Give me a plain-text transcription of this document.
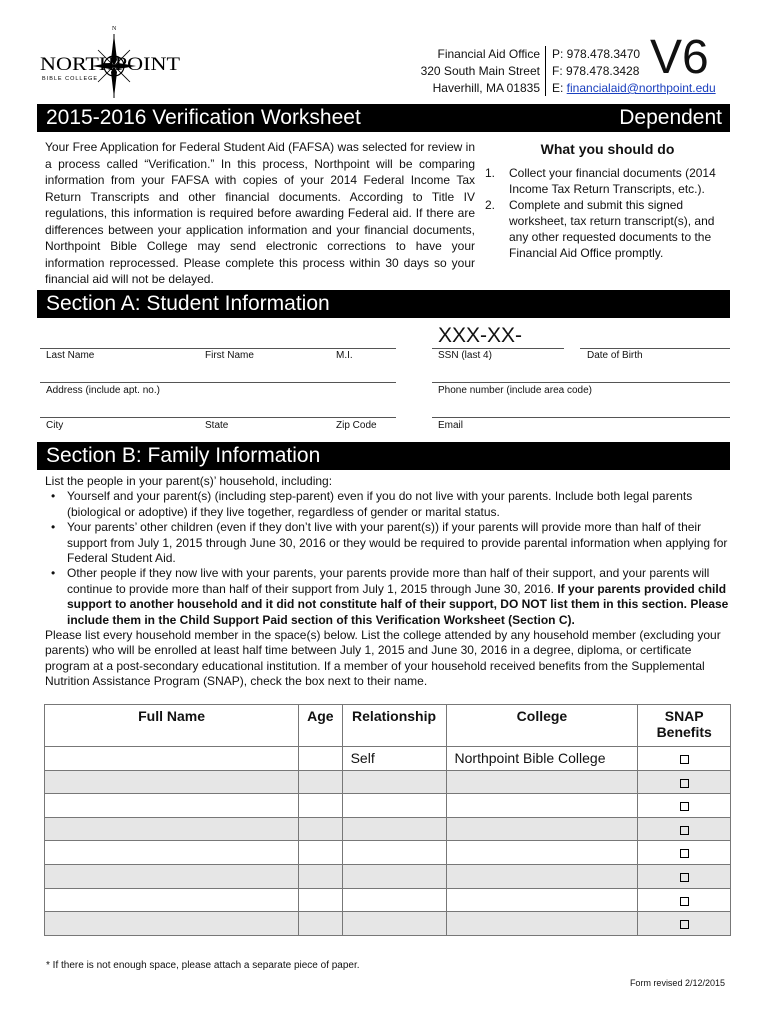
N
NORTHPOINT
BIBLE COLLEGE
Financial Aid Office
320 South Main Street
Haverhill, MA 01835
P: 978.478.3470
F: 978.478.3428
E: financialaid@northpoint.edu
V6
2015-2016 Verification Worksheet	Dependent
Your Free Application for Federal Student Aid (FAFSA) was selected for review in a process called “Verification.” In this process, Northpoint will be comparing information from your FAFSA with copies of your 2014 Federal Income Tax Return Transcripts and other financial documents. According to Title IV regulations, this information is required before awarding Federal aid. If there are differences between your application information and your financial documents, Northpoint Bible College may send electronic corrections to have your information reprocessed. Please complete this process within 30 days so your financial aid will not be delayed.
What you should do
1. Collect your financial documents (2014 Income Tax Return Transcripts, etc.).
2. Complete and submit this signed worksheet, tax return transcript(s), and any other requested documents to the Financial Aid Office promptly.
Section A: Student Information
XXX-XX-
Last Name	First Name	M.I.	SSN (last 4)	Date of Birth
Address (include apt. no.)	Phone number (include area code)
City	State	Zip Code	Email
Section B: Family Information

List the people in your parent(s)’ household, including:

• Yourself and your parent(s) (including step-parent) even if you do not live with your parents. Include both legal parents (biological or adoptive) if they live together, regardless of gender or marital status.
• Your parents’ other children (even if they don’t live with your parent(s)) if your parents will provide more than half of their support from July 1, 2015 through June 30, 2016 or they would be required to provide parental information when applying for Federal Student Aid.
• Other people if they now live with your parents, your parents provide more than half of their support, and your parents will continue to provide more than half of their support from July 1, 2015 through June 30, 2016. If your parents provided child support to another household and it did not constitute half of their support, DO NOT list them in this section. Please include them in the Child Support Paid section of this Verification Worksheet (Section C).

Please list every household member in the space(s) below. List the college attended by any household member (excluding your parents) who will be enrolled at least half time between July 1, 2015 and June 30, 2016 in a degree, diploma, or certificate program at a post-secondary educational institution. If a member of your household received benefits from the Supplemental Nutrition Assistance Program (SNAP), check the box next to their name.

Full Name	Age	Relationship	College	SNAP
Benefits
		Self	Northpoint Bible College	

* If there is not enough space, please attach a separate piece of paper.
Form revised 2/12/2015
